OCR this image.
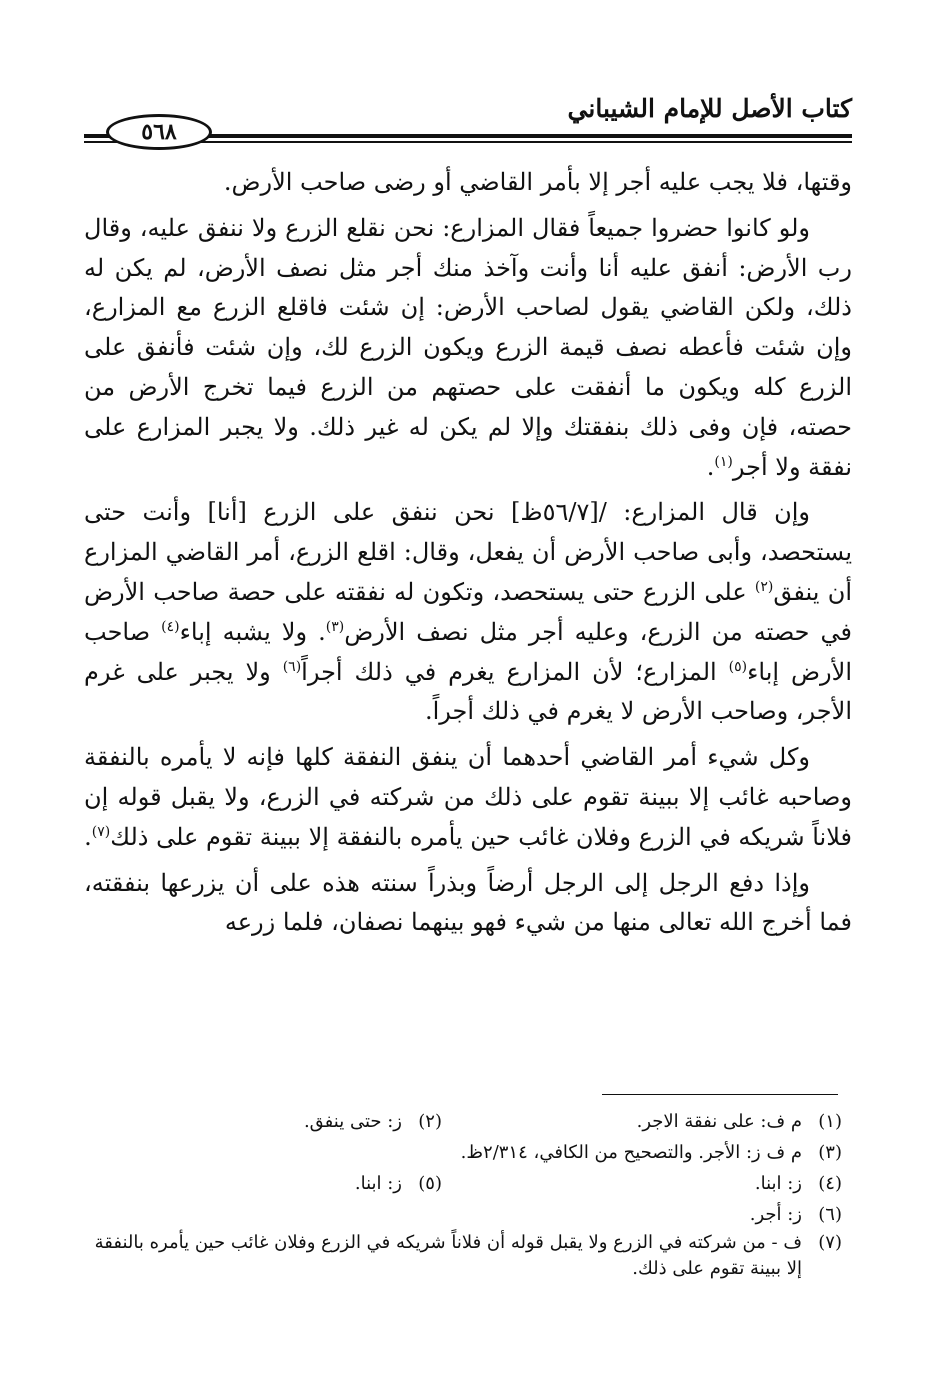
كتاب الأصل للإمام الشيباني
٥٦٨

وقتها، فلا يجب عليه أجر إلا بأمر القاضي أو رضى صاحب الأرض.

ولو كانوا حضروا جميعاً فقال المزارع: نحن نقلع الزرع ولا ننفق عليه، وقال رب الأرض: أنفق عليه أنا وأنت وآخذ منك أجر مثل نصف الأرض، لم يكن له ذلك، ولكن القاضي يقول لصاحب الأرض: إن شئت فاقلع الزرع مع المزارع، وإن شئت فأعطه نصف قيمة الزرع ويكون الزرع لك، وإن شئت فأنفق على الزرع كله ويكون ما أنفقت على حصتهم من الزرع فيما تخرج الأرض من حصته، فإن وفى ذلك بنفقتك وإلا لم يكن له غير ذلك. ولا يجبر المزارع على نفقة ولا أجر$^{(١)}$.

وإن قال المزارع: /[٥٦/٧ظ] نحن ننفق على الزرع [أنا] وأنت حتى يستحصد، وأبى صاحب الأرض أن يفعل، وقال: اقلع الزرع، أمر القاضي المزارع أن ينفق$^{(٢)}$ على الزرع حتى يستحصد، وتكون له نفقته على حصة صاحب الأرض في حصته من الزرع، وعليه أجر مثل نصف الأرض$^{(٣)}$. ولا يشبه إباء$^{(٤)}$ صاحب الأرض إباء$^{(٥)}$ المزارع؛ لأن المزارع يغرم في ذلك أجراً$^{(٦)}$ ولا يجبر على غرم الأجر، وصاحب الأرض لا يغرم في ذلك أجراً.

وكل شيء أمر القاضي أحدهما أن ينفق النفقة كلها فإنه لا يأمره بالنفقة وصاحبه غائب إلا ببينة تقوم على ذلك من شركته في الزرع، ولا يقبل قوله إن فلاناً شريكه في الزرع وفلان غائب حين يأمره بالنفقة إلا ببينة تقوم على ذلك$^{(٧)}$.

وإذا دفع الرجل إلى الرجل أرضاً وبذراً سنته هذه على أن يزرعها بنفقته، فما أخرج الله تعالى منها من شيء فهو بينهما نصفان، فلما زرعه

(١)م ف: على نفقة الاجر.
(٢)ز: حتى ينفق.
(٣)م ف ز: الأجر. والتصحيح من الكافي، ٢/٣١٤ظ.
(٤)ز: ابنا.
(٥)ز: ابنا.
(٦)ز: أجر.
(٧)
ف - من شركته في الزرع ولا يقبل قوله أن فلاناً شريكه في الزرع وفلان غائب حين يأمره بالنفقة إلا ببينة تقوم على ذلك.
